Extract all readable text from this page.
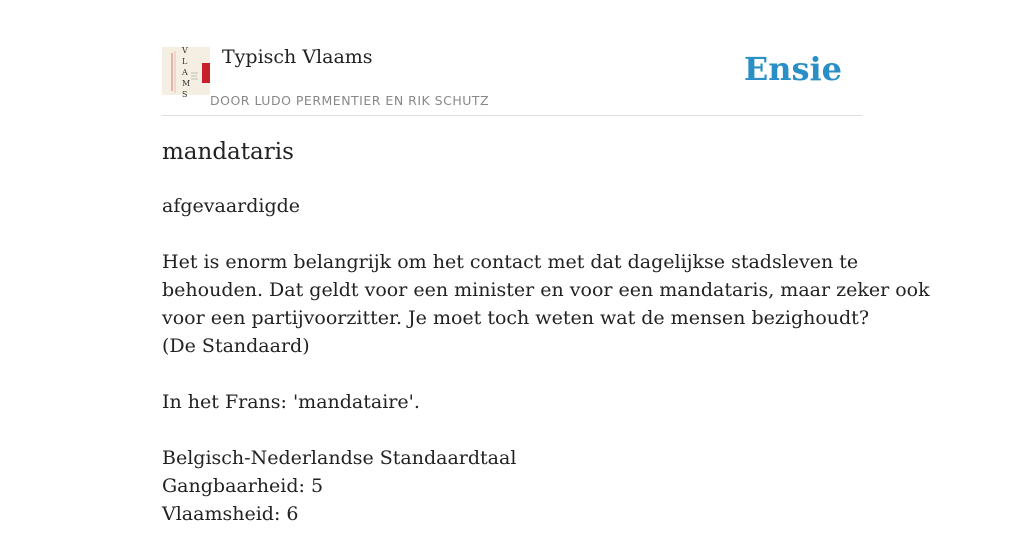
V
L
A
M
S
Typisch Vlaams
DOOR LUDO PERMENTIER EN RIK SCHUTZ
Ensie
mandataris

afgevaardigde

Het is enorm belangrijk om het contact met dat dagelijkse stadsleven te
behouden. Dat geldt voor een minister en voor een mandataris, maar zeker ook
voor een partijvoorzitter. Je moet toch weten wat de mensen bezighoudt?
(De Standaard)

In het Frans: 'mandataire'.

Belgisch-Nederlandse Standaardtaal
Gangbaarheid: 5
Vlaamsheid: 6
